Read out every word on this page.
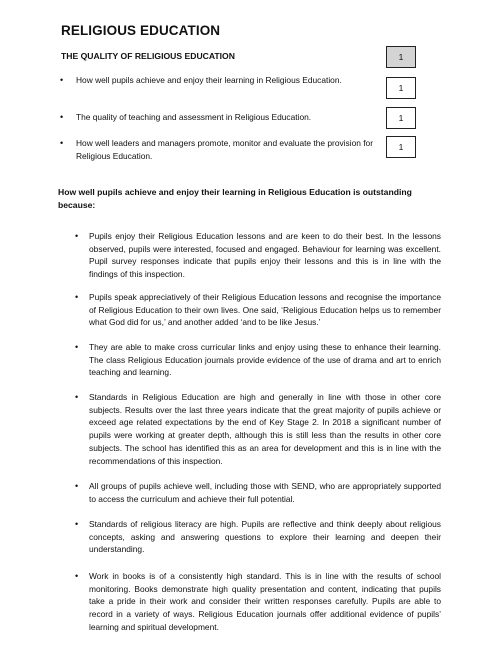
RELIGIOUS EDUCATION
THE QUALITY OF RELIGIOUS EDUCATION	1
• How well pupils achieve and enjoy their learning in Religious Education.
1
• The quality of teaching and assessment in Religious Education.	1
• How well leaders and managers promote, monitor and evaluate the provision for Religious Education.
1
How well pupils achieve and enjoy their learning in Religious Education is outstanding because:
• Pupils enjoy their Religious Education lessons and are keen to do their best. In the lessons observed, pupils were interested, focused and engaged. Behaviour for learning was excellent. Pupil survey responses indicate that pupils enjoy their lessons and this is in line with the findings of this inspection.
• Pupils speak appreciatively of their Religious Education lessons and recognise the importance of Religious Education to their own lives. One said, ‘Religious Education helps us to remember what God did for us,’ and another added ‘and to be like Jesus.’
• They are able to make cross curricular links and enjoy using these to enhance their learning. The class Religious Education journals provide evidence of the use of drama and art to enrich teaching and learning.
• Standards in Religious Education are high and generally in line with those in other core subjects. Results over the last three years indicate that the great majority of pupils achieve or exceed age related expectations by the end of Key Stage 2. In 2018 a significant number of pupils were working at greater depth, although this is still less than the results in other core subjects. The school has identified this as an area for development and this is in line with the recommendations of this inspection.
• All groups of pupils achieve well, including those with SEND, who are appropriately supported to access the curriculum and achieve their full potential.
• Standards of religious literacy are high. Pupils are reflective and think deeply about religious concepts, asking and answering questions to explore their learning and deepen their understanding.
• Work in books is of a consistently high standard. This is in line with the results of school monitoring. Books demonstrate high quality presentation and content, indicating that pupils take a pride in their work and consider their written responses carefully. Pupils are able to record in a variety of ways. Religious Education journals offer additional evidence of pupils’ learning and spiritual development.
